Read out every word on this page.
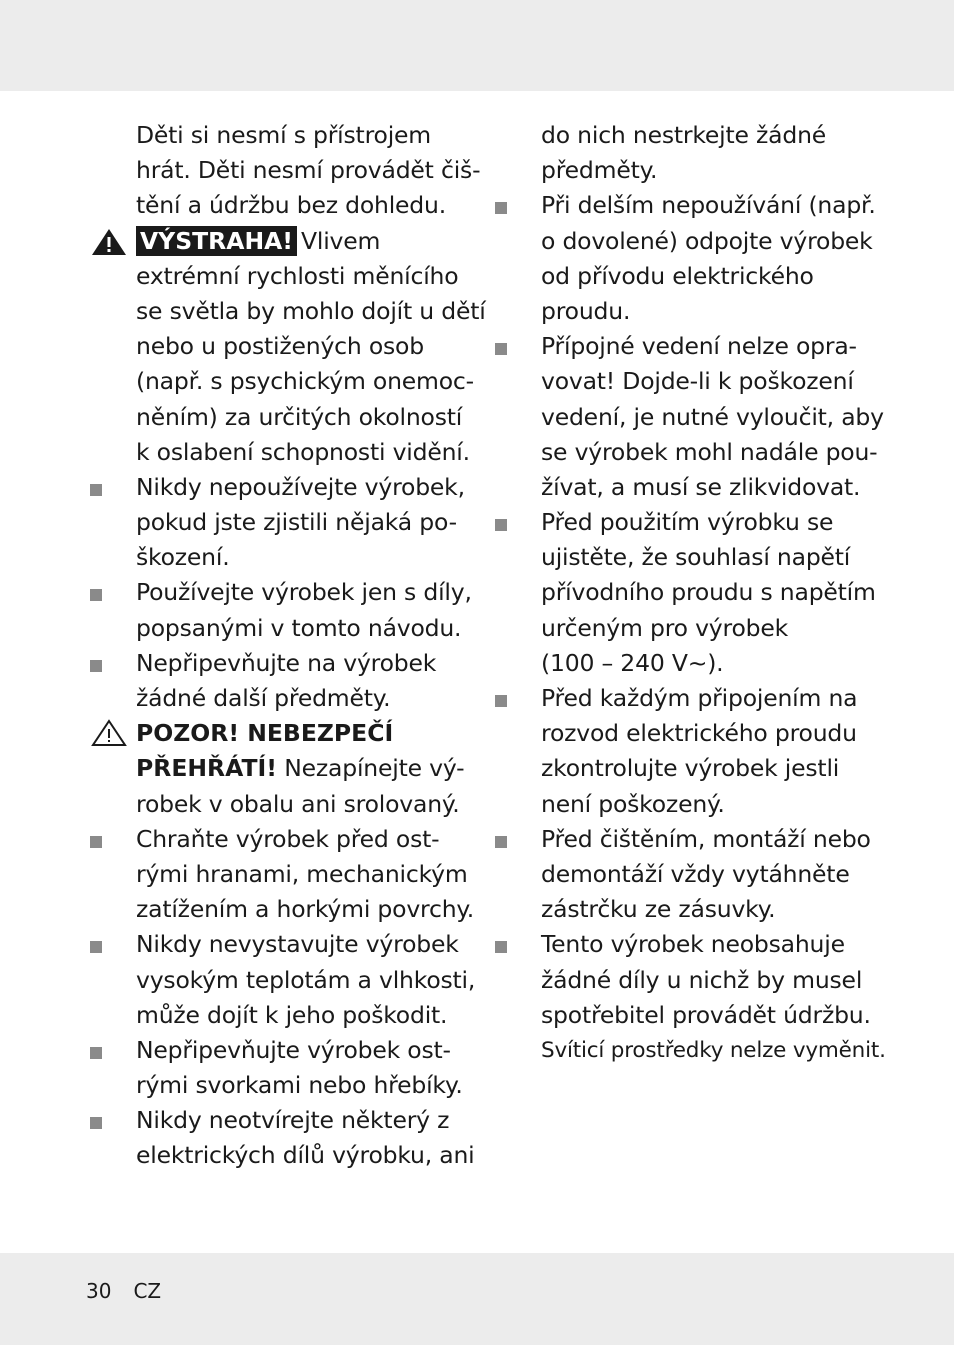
Děti si nesmí s přístrojem
hrát. Děti nesmí provádět čiš-
tění a údržbu bez dohledu.
VÝSTRAHA! Vlivem
extrémní rychlosti měnícího
se světla by mohlo dojít u dětí
nebo u postižených osob
(např. s psychickým onemoc-
něním) za určitých okolností
k oslabení schopnosti vidění.
Nikdy nepoužívejte výrobek,
pokud jste zjistili nějaká po-
škození.
Používejte výrobek jen s díly,
popsanými v tomto návodu.
Nepřipevňujte na výrobek
žádné další předměty.
POZOR! NEBEZPEČÍ
PŘEHŘÁTÍ! Nezapínejte vý-
robek v obalu ani srolovaný.
Chraňte výrobek před ost-
rými hranami, mechanickým
zatížením a horkými povrchy.
Nikdy nevystavujte výrobek
vysokým teplotám a vlhkosti,
může dojít k jeho poškodit.
Nepřipevňujte výrobek ost-
rými svorkami nebo hřebíky.
Nikdy neotvírejte některý z
elektrických dílů výrobku, ani
do nich nestrkejte žádné
předměty.
Při delším nepoužívání (např.
o dovolené) odpojte výrobek
od přívodu elektrického
proudu.
Přípojné vedení nelze opra-
vovat! Dojde-li k poškození
vedení, je nutné vyloučit, aby
se výrobek mohl nadále pou-
žívat, a musí se zlikvidovat.
Před použitím výrobku se
ujistěte, že souhlasí napětí
přívodního proudu s napětím
určeným pro výrobek
(100 – 240 V~).
Před každým připojením na
rozvod elektrického proudu
zkontrolujte výrobek jestli
není poškozený.
Před čištěním, montáží nebo
demontáží vždy vytáhněte
zástrčku ze zásuvky.
Tento výrobek neobsahuje
žádné díly u nichž by musel
spotřebitel provádět údržbu.
Svíticí prostředky nelze vyměnit.
30 CZ
